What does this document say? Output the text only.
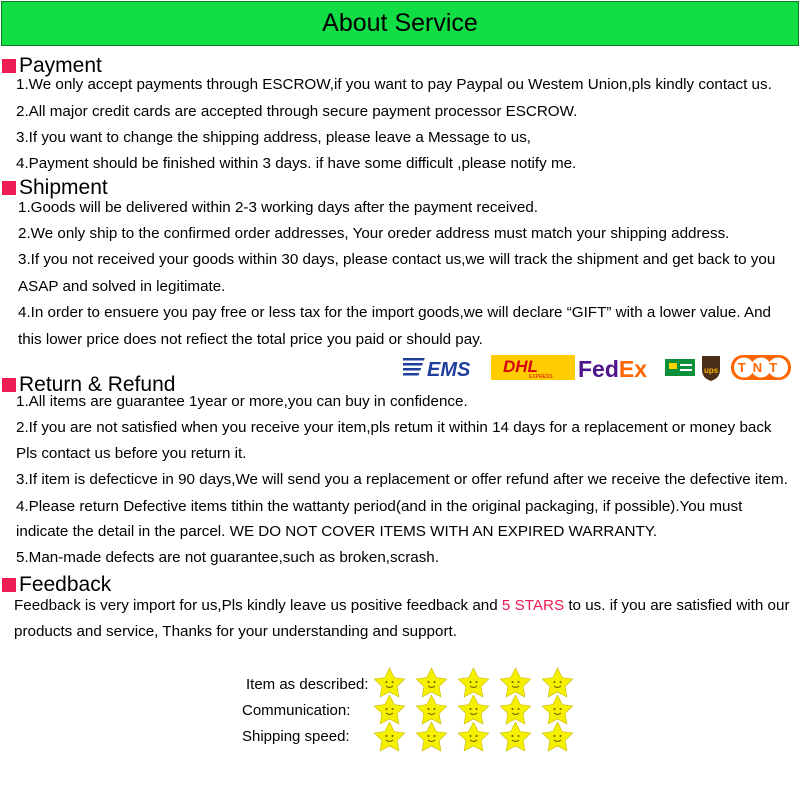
About Service
Payment
1.We only accept payments through ESCROW,if you want to pay Paypal ou Westem Union,pls kindly contact us.
2.All major credit cards are accepted through secure payment processor ESCROW.
3.If you want to change the shipping address, please leave a Message to us,
4.Payment should be finished within 3 days. if have some difficult ,please notify me.
Shipment
1.Goods will be delivered within 2-3 working days after the payment received.
2.We only ship to the confirmed order addresses, Your oreder address must match your shipping address.
3.If you not received your goods within 30 days, please contact us,we will track the shipment and get back to you
ASAP and solved in legitimate.
4.In order to ensuere you pay free or less tax for the import goods,we will declare “GIFT” with a lower value. And
this lower price does not refiect the total price you paid or should pay.
EMS DHL
EXPRESS FedEx	ups TNT
Return & Refund
1.All items are guarantee 1year or more,you can buy in confidence.
2.If you are not satisfied when you receive your item,pls retum it within 14 days for a replacement or money back
Pls contact us before you return it.
3.If item is defecticve in 90 days,We will send you a replacement or offer refund after we receive the defective item.
4.Please return Defective items tithin the wattanty period(and in the original packaging, if possible).You must
indicate the detail in the parcel. WE DO NOT COVER ITEMS WITH AN EXPIRED WARRANTY.
5.Man-made defects are not guarantee,such as broken,scrash.
Feedback
Feedback is very import for us,Pls kindly leave us positive feedback and 5 STARS to us. if you are satisfied with our
products and service, Thanks for your understanding and support.
Item as described:
Communication:
Shipping speed:
